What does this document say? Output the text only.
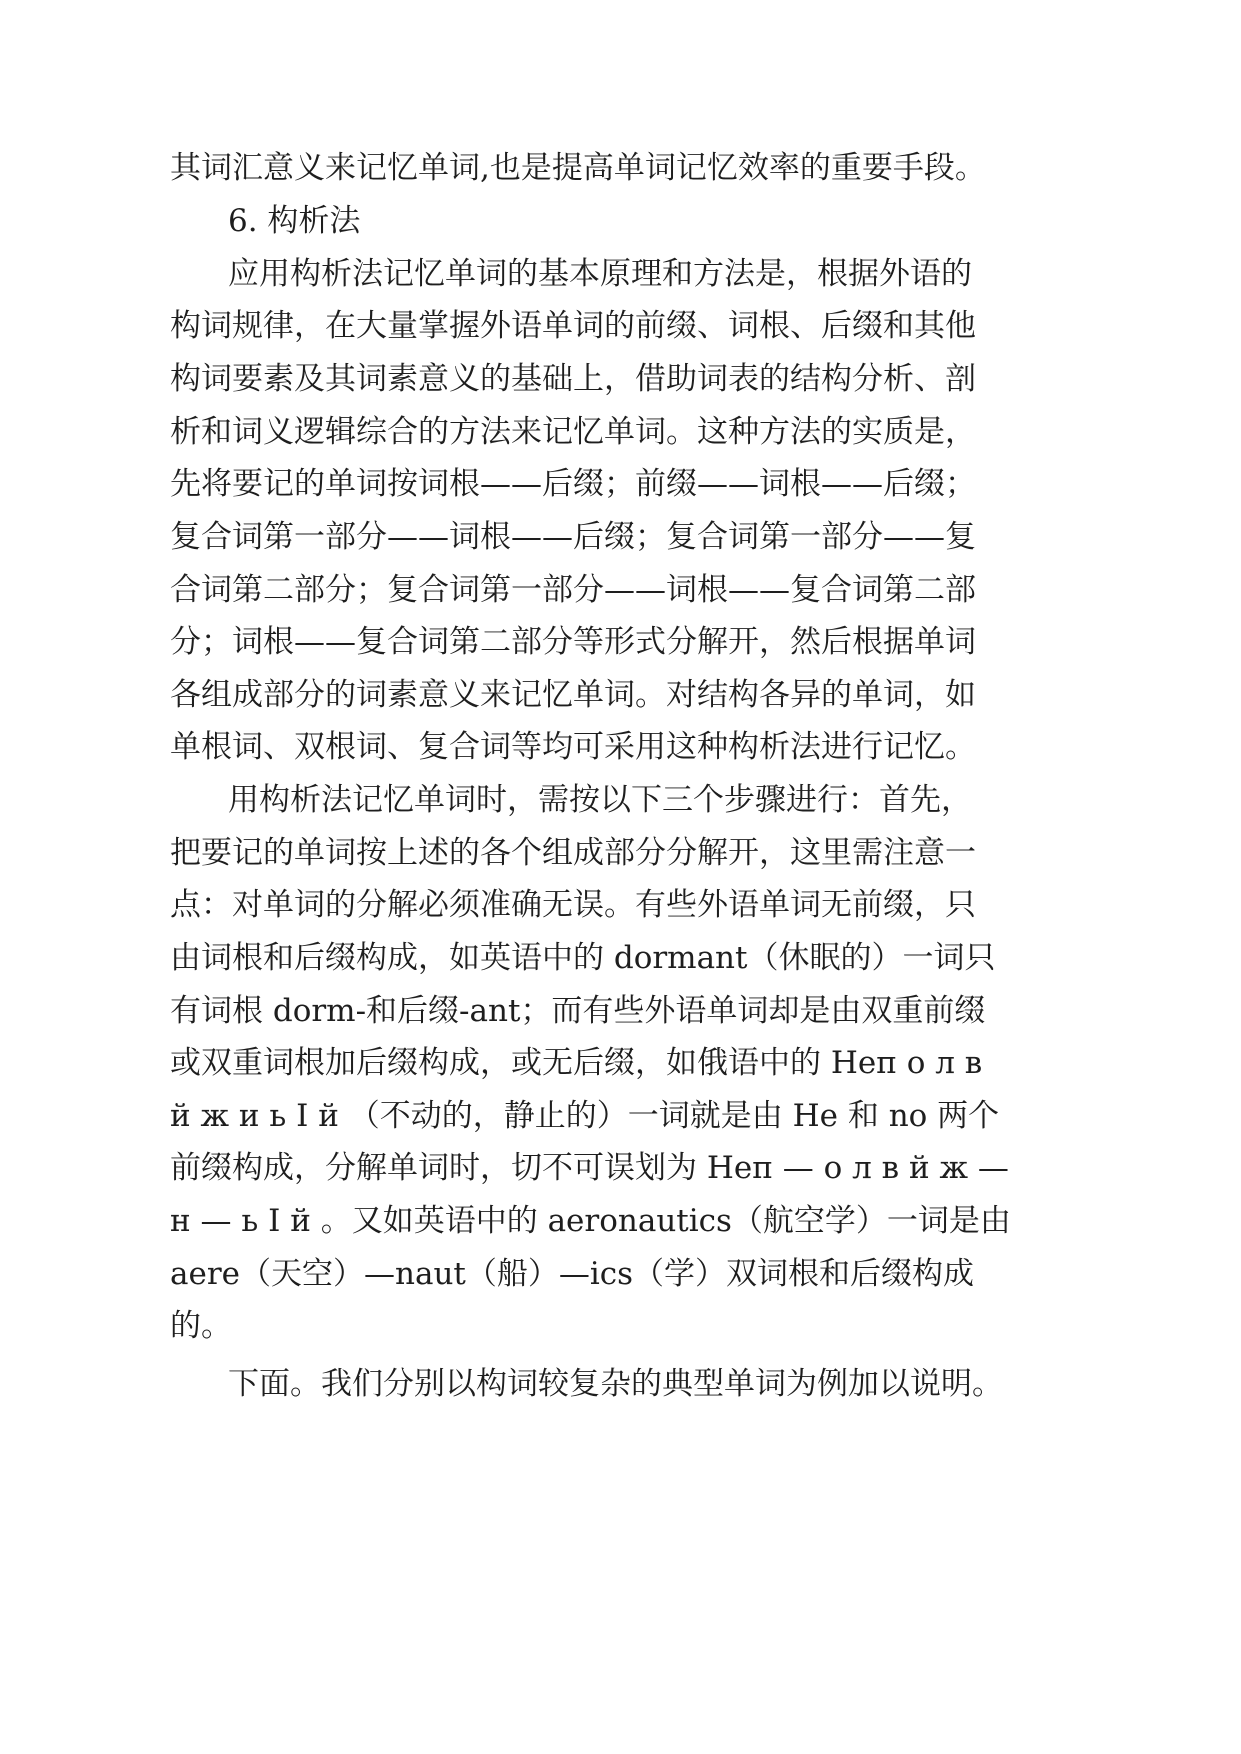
其词汇意义来记忆单词,也是提高单词记忆效率的重要手段。
6. 构析法
应用构析法记忆单词的基本原理和方法是，根据外语的
构词规律，在大量掌握外语单词的前缀、词根、后缀和其他
构词要素及其词素意义的基础上，借助词表的结构分析、剖
析和词义逻辑综合的方法来记忆单词。这种方法的实质是，
先将要记的单词按词根——后缀；前缀——词根——后缀；
复合词第一部分——词根——后缀；复合词第一部分——复
合词第二部分；复合词第一部分——词根——复合词第二部
分；词根——复合词第二部分等形式分解开，然后根据单词
各组成部分的词素意义来记忆单词。对结构各异的单词，如
单根词、双根词、复合词等均可采用这种构析法进行记忆。
用构析法记忆单词时，需按以下三个步骤进行：首先，
把要记的单词按上述的各个组成部分分解开，这里需注意一
点：对单词的分解必须准确无误。有些外语单词无前缀，只
由词根和后缀构成，如英语中的 dormant（休眠的）一词只
有词根 dorm-和后缀-ant；而有些外语单词却是由双重前缀
或双重词根加后缀构成，或无后缀，如俄语中的 Heп о л в
й ж и ь I й （不动的，静止的）一词就是由 He 和 no 两个
前缀构成，分解单词时，切不可误划为 Heп — о л в й ж —
н — ь I й 。又如英语中的 aeronautics（航空学）一词是由
aere（天空）—naut（船）—ics（学）双词根和后缀构成
的。
下面。我们分别以构词较复杂的典型单词为例加以说明。
